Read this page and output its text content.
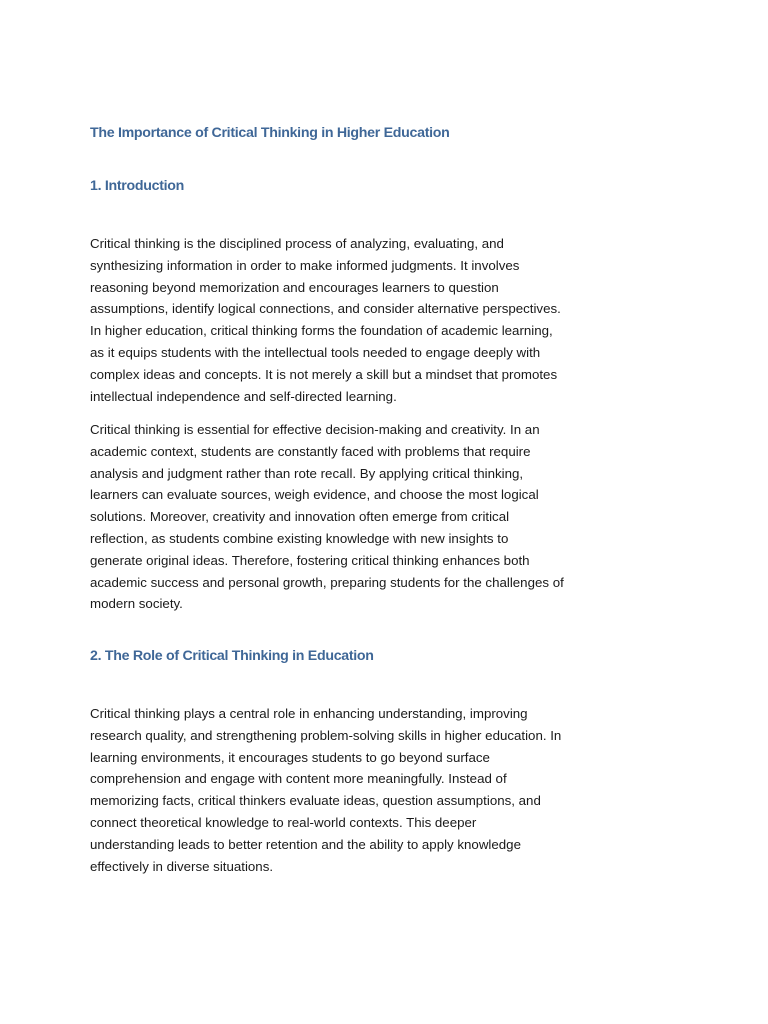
The Importance of Critical Thinking in Higher Education
1. Introduction

Critical thinking is the disciplined process of analyzing, evaluating, and
synthesizing information in order to make informed judgments. It involves
reasoning beyond memorization and encourages learners to question
assumptions, identify logical connections, and consider alternative perspectives.
In higher education, critical thinking forms the foundation of academic learning,
as it equips students with the intellectual tools needed to engage deeply with
complex ideas and concepts. It is not merely a skill but a mindset that promotes
intellectual independence and self-directed learning.

Critical thinking is essential for effective decision-making and creativity. In an
academic context, students are constantly faced with problems that require
analysis and judgment rather than rote recall. By applying critical thinking,
learners can evaluate sources, weigh evidence, and choose the most logical
solutions. Moreover, creativity and innovation often emerge from critical
reflection, as students combine existing knowledge with new insights to
generate original ideas. Therefore, fostering critical thinking enhances both
academic success and personal growth, preparing students for the challenges of
modern society.

2. The Role of Critical Thinking in Education

Critical thinking plays a central role in enhancing understanding, improving
research quality, and strengthening problem-solving skills in higher education. In
learning environments, it encourages students to go beyond surface
comprehension and engage with content more meaningfully. Instead of
memorizing facts, critical thinkers evaluate ideas, question assumptions, and
connect theoretical knowledge to real-world contexts. This deeper
understanding leads to better retention and the ability to apply knowledge
effectively in diverse situations.
